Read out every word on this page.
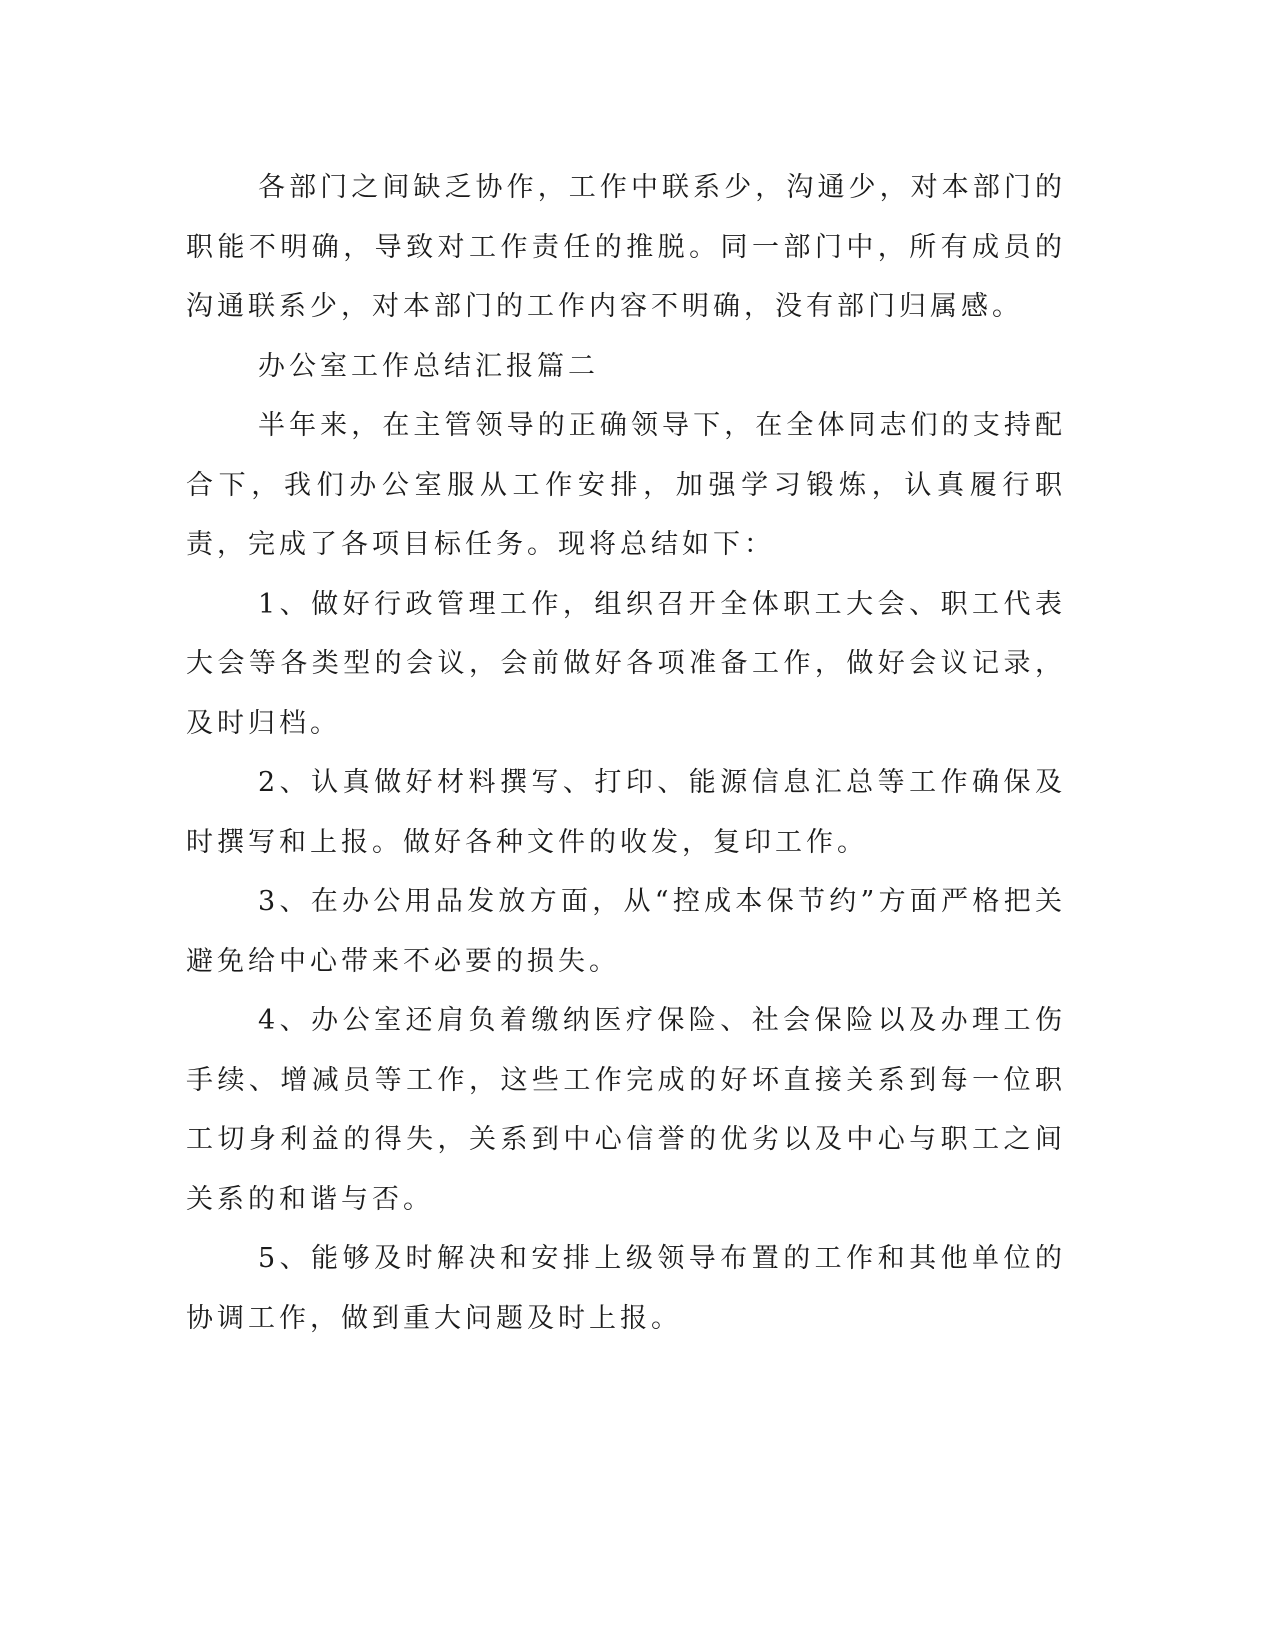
各部门之间缺乏协作，工作中联系少，沟通少，对本部门的职能不明确，导致对工作责任的推脱。同一部门中，所有成员的沟通联系少，对本部门的工作内容不明确，没有部门归属感。

办公室工作总结汇报篇二

半年来，在主管领导的正确领导下，在全体同志们的支持配合下，我们办公室服从工作安排，加强学习锻炼，认真履行职责，完成了各项目标任务。现将总结如下：

1、做好行政管理工作，组织召开全体职工大会、职工代表大会等各类型的会议，会前做好各项准备工作，做好会议记录，及时归档。

2、认真做好材料撰写、打印、能源信息汇总等工作确保及时撰写和上报。做好各种文件的收发，复印工作。

3、在办公用品发放方面，从“控成本保节约”方面严格把关避免给中心带来不必要的损失。

4、办公室还肩负着缴纳医疗保险、社会保险以及办理工伤手续、增减员等工作，这些工作完成的好坏直接关系到每一位职工切身利益的得失，关系到中心信誉的优劣以及中心与职工之间关系的和谐与否。

5、能够及时解决和安排上级领导布置的工作和其他单位的协调工作，做到重大问题及时上报。
